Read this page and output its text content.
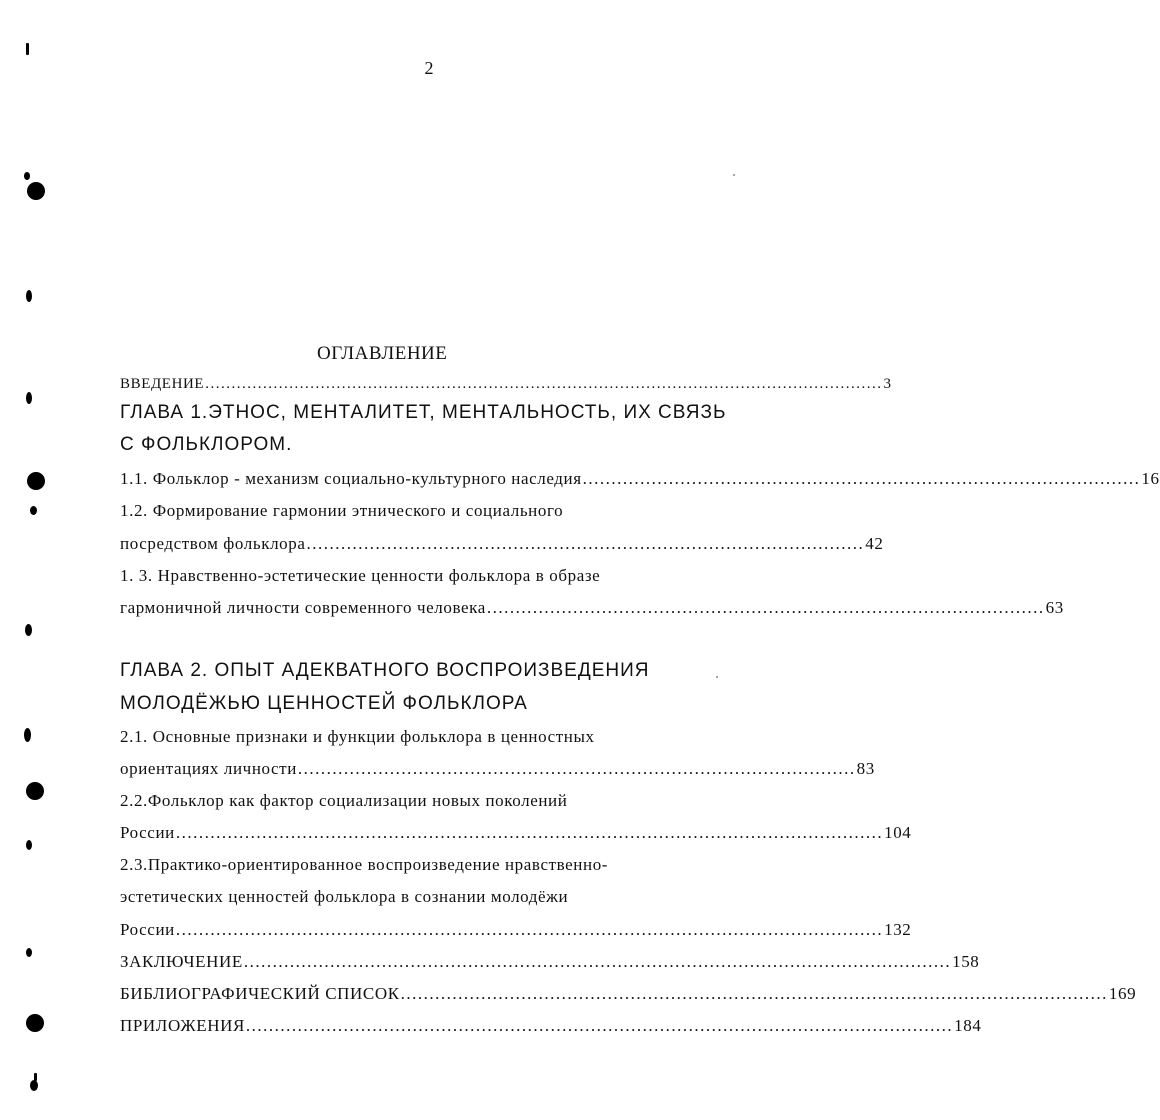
2
ОГЛАВЛЕНИЕ
ВВЕДЕНИЕ ................................................................................................................................. 3
ГЛАВА 1.ЭТНОС, МЕНТАЛИТЕТ, МЕНТАЛЬНОСТЬ, ИХ СВЯЗЬ
С ФОЛЬКЛОРОМ.
1.1. Фольклор - механизм социально-культурного наследия ................................................................................................. 16
1.2. Формирование гармонии этнического и социального
посредством фольклора ................................................................................................. 42
1. 3. Нравственно-эстетические ценности фольклора в образе
гармоничной личности современного человека ................................................................................................. 63
ГЛАВА 2. ОПЫТ АДЕКВАТНОГО ВОСПРОИЗВЕДЕНИЯ
МОЛОДЁЖЬЮ ЦЕННОСТЕЙ ФОЛЬКЛОРА
2.1. Основные признаки и функции фольклора в ценностных
ориентациях личности ................................................................................................. 83
2.2.Фольклор как фактор социализации новых поколений
России ........................................................................................................................... 104
2.3.Практико-ориентированное воспроизведение нравственно-
эстетических ценностей фольклора в сознании молодёжи
России ........................................................................................................................... 132
ЗАКЛЮЧЕНИЕ ........................................................................................................................... 158
БИБЛИОГРАФИЧЕСКИЙ СПИСОК ........................................................................................................................... 169
ПРИЛОЖЕНИЯ ........................................................................................................................... 184
